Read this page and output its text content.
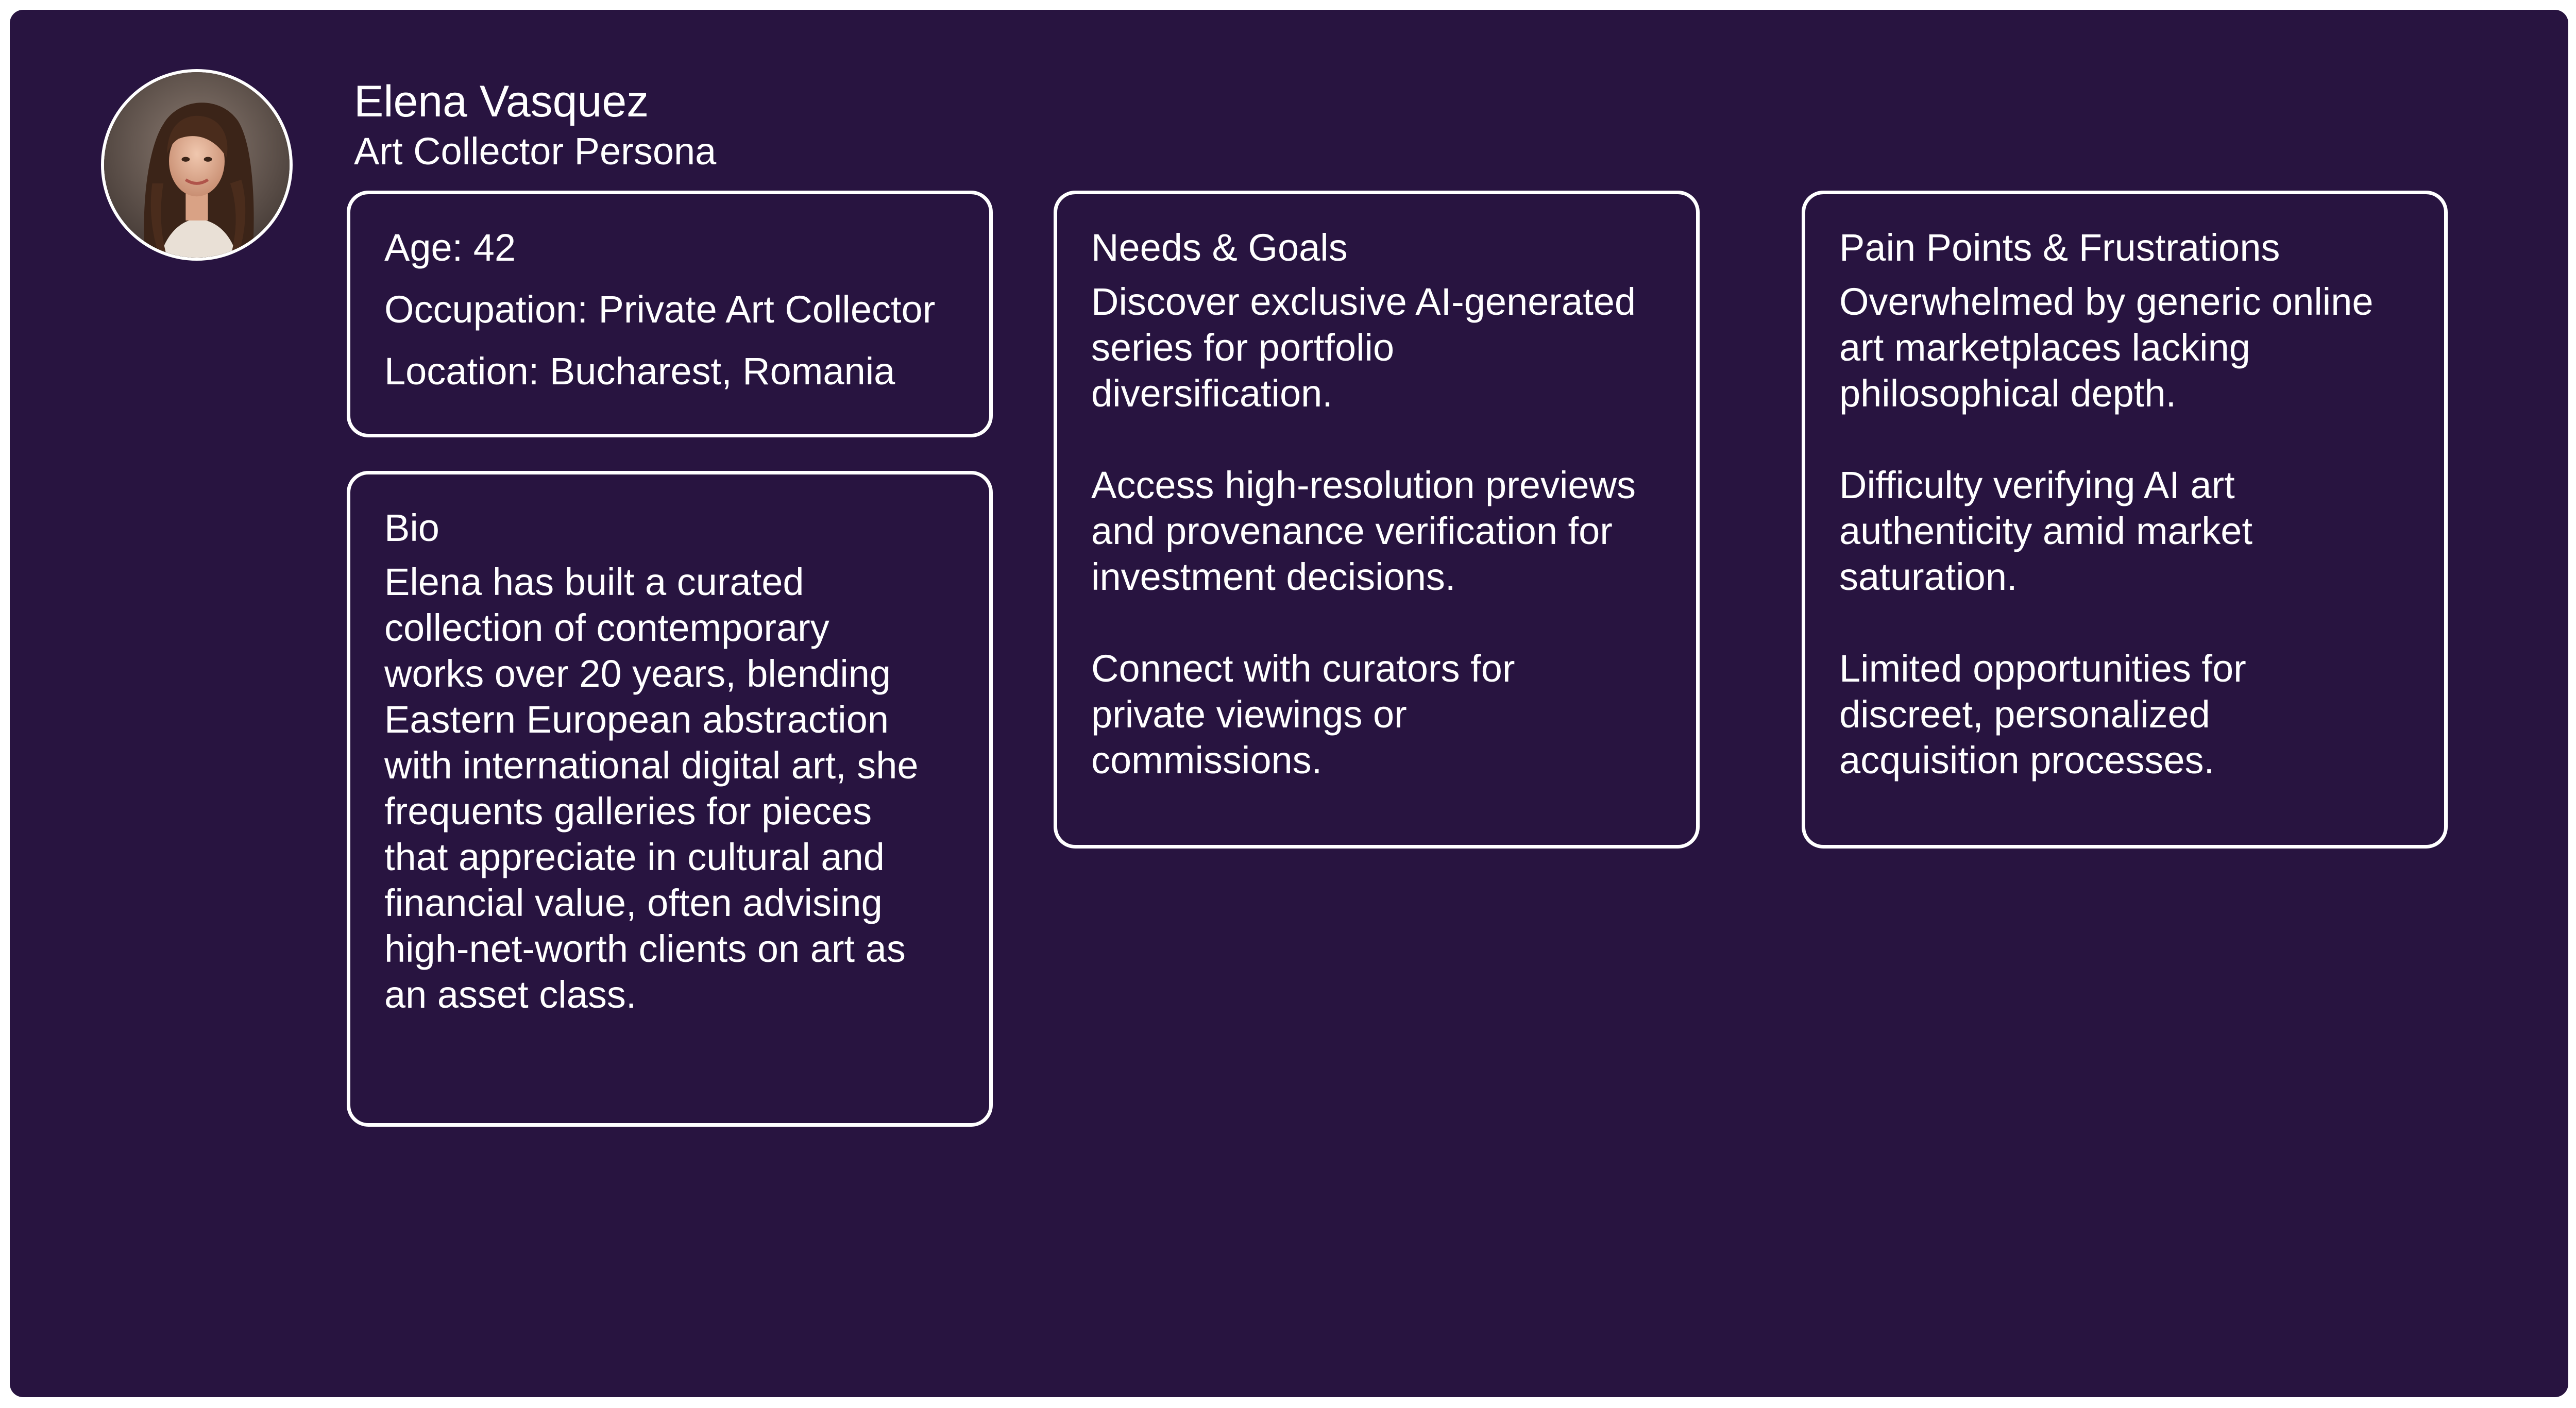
Elena Vasquez
Art Collector Persona
Age: 42
Occupation: Private Art Collector
Location: Bucharest, Romania
Bio
Elena has built a curated
collection of contemporary
works over 20 years, blending
Eastern European abstraction
with international digital art, she
frequents galleries for pieces
that appreciate in cultural and
financial value, often advising
high-net-worth clients on art as
an asset class.
Needs & Goals
Discover exclusive AI-generated
series for portfolio
diversification.
Access high-resolution previews
and provenance verification for
investment decisions.
Connect with curators for
private viewings or
commissions.
Pain Points & Frustrations
Overwhelmed by generic online
art marketplaces lacking
philosophical depth.
Difficulty verifying AI art
authenticity amid market
saturation.
Limited opportunities for
discreet, personalized
acquisition processes.
